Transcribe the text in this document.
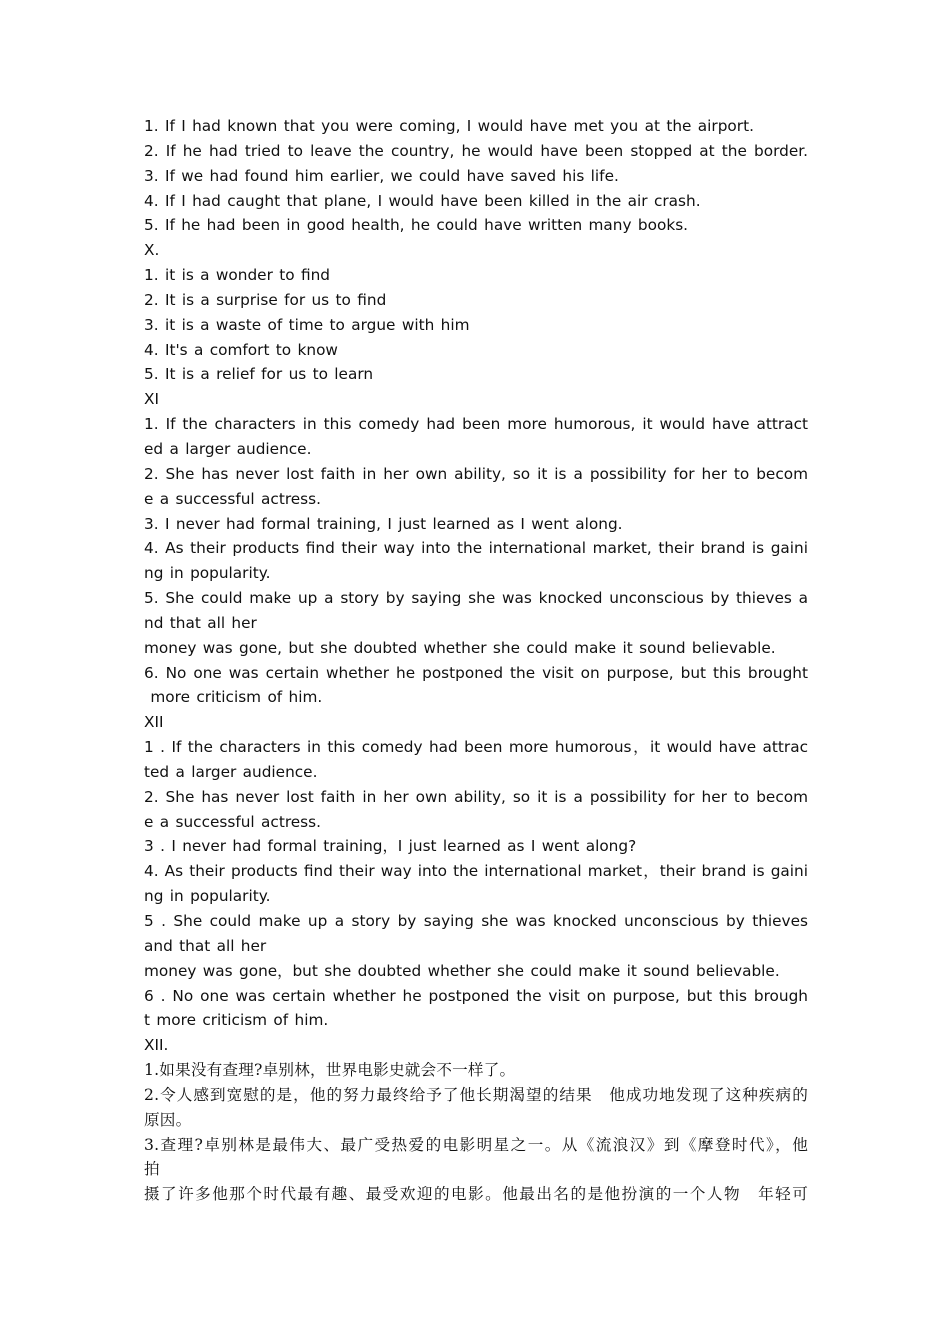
1. If I had known that you were coming, I would have met you at the airport.
2. If he had tried to leave the country, he would have been stopped at the border.
3. If we had found him earlier, we could have saved his life.
4. If I had caught that plane, I would have been killed in the air crash.
5. If he had been in good health, he could have written many books.
X.
1. it is a wonder to find
2. It is a surprise for us to find
3. it is a waste of time to argue with him
4. It's a comfort to know
5. It is a relief for us to learn
XI
1. If the characters in this comedy had been more humorous, it would have attract
ed a larger audience.
2. She has never lost faith in her own ability, so it is a possibility for her to becom
e a successful actress.
3. I never had formal training, I just learned as I went along.
4. As their products find their way into the international market, their brand is gaini
ng in popularity.
5. She could make up a story by saying she was knocked unconscious by thieves a
nd that all her
money was gone, but she doubted whether she could make it sound believable.
6. No one was certain whether he postponed the visit on purpose, but this brought
more criticism of him.
XII
1 . If the characters in this comedy had been more humorous，it would have attrac
ted a larger audience.
2. She has never lost faith in her own ability, so it is a possibility for her to becom
e a successful actress.
3 . I never had formal training，I just learned as I went along?
4. As their products find their way into the international market，their brand is gaini
ng in popularity.
5 . She could make up a story by saying she was knocked unconscious by thieves
and that all her
money was gone，but she doubted whether she could make it sound believable.
6 . No one was certain whether he postponed the visit on purpose, but this brough
t more criticism of him.
XII.
1.如果没有查理?卓别林，世界电影史就会不一样了。
2.令人感到宽慰的是，他的努力最终给予了他长期渴望的结果　他成功地发现了这种疾病的
原因。
3.查理?卓别林是最伟大、最广受热爱的电影明星之一。从《流浪汉》到《摩登时代》，他
拍
摄了许多他那个时代最有趣、最受欢迎的电影。他最出名的是他扮演的一个人物　年轻可
